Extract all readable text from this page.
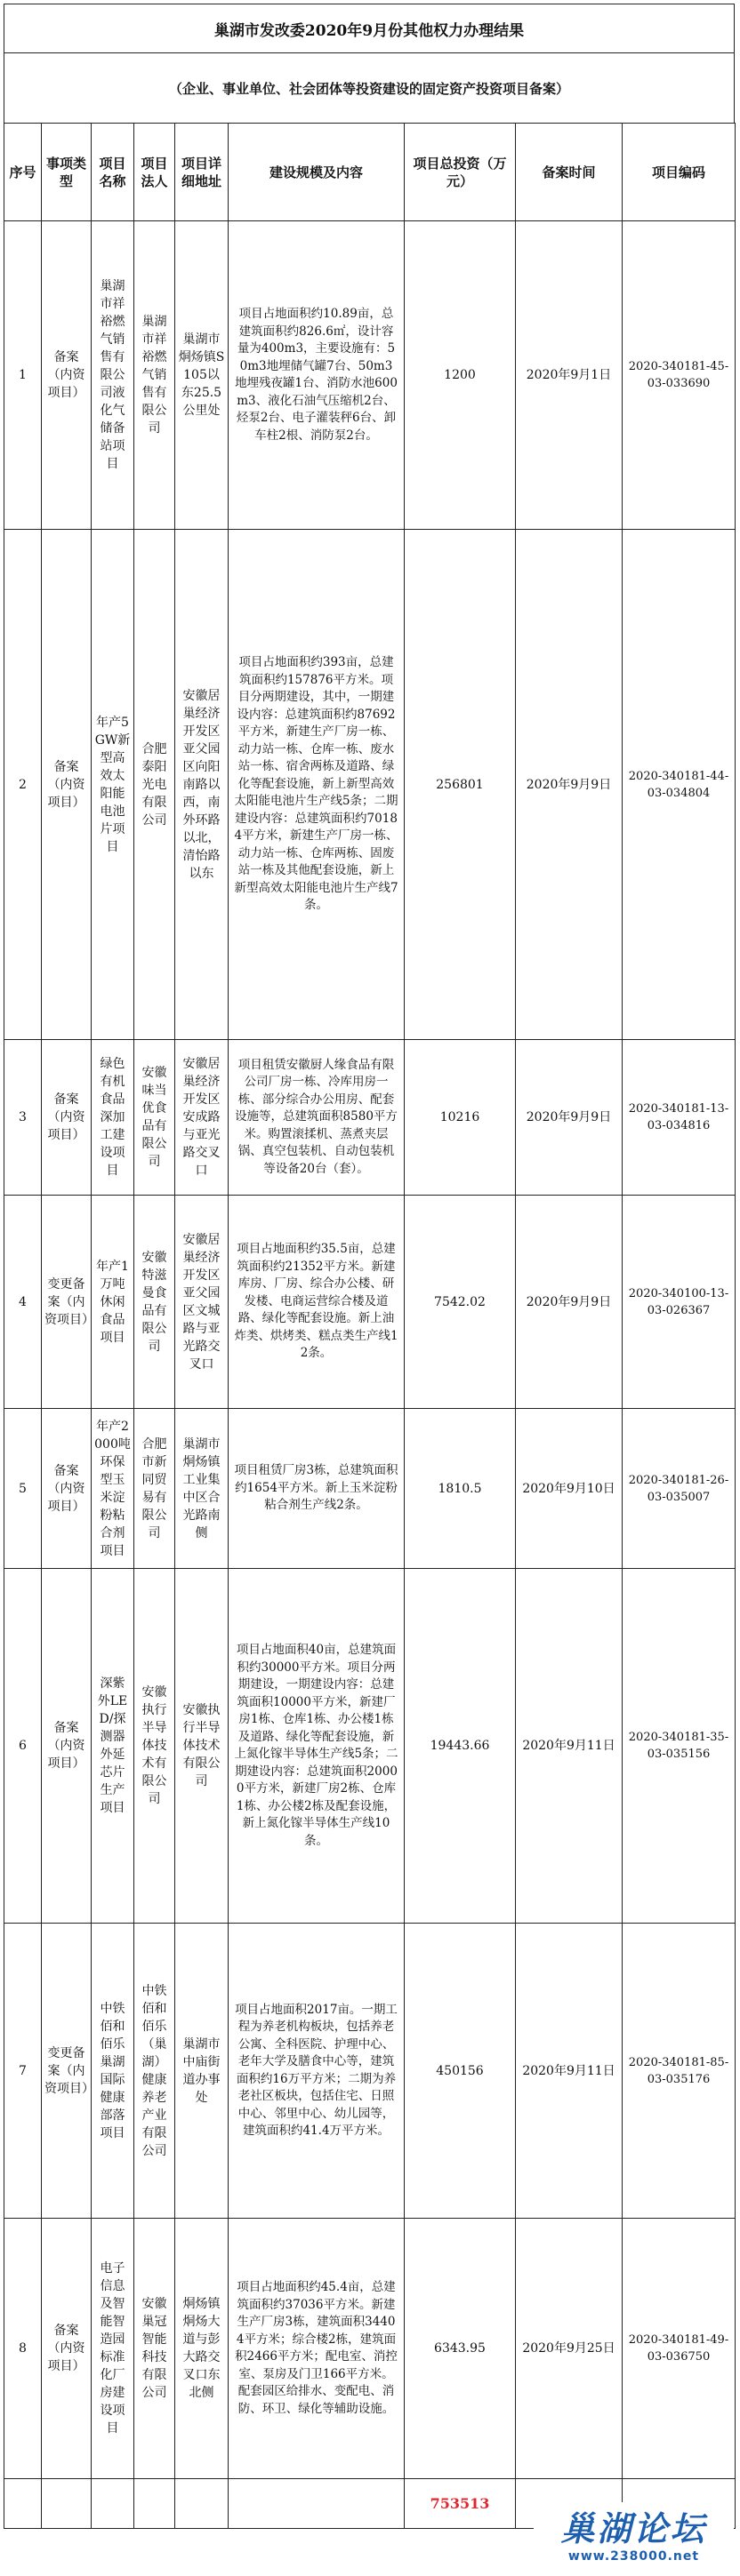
巢湖市发改委2020年9月份其他权力办理结果
（企业、事业单位、社会团体等投资建设的固定资产投资项目备案）
序号	事项类型	项目名称	项目法人	项目详细地址	建设规模及内容	项目总投资（万元）	备案时间	项目编码
1	备案（内资项目）	巢湖市祥裕燃气销售有限公司液化气储备站项目	巢湖市祥裕燃气销售有限公司	巢湖市烔炀镇S105以东25.5公里处	项目占地面积约10.89亩，总建筑面积约826.6㎡，设计容量为400m3，主要设施有：50m3地埋储气罐7台、50m3地埋残夜罐1台、消防水池600m3、液化石油气压缩机2台、烃泵2台、电子灌装秤6台、卸车柱2根、消防泵2台。	1200	2020年9月1日	2020-340181-45-03-033690
2	备案（内资项目）	年产5GW新型高效太阳能电池片项目	合肥泰阳光电有限公司	安徽居巢经济开发区亚父园区向阳南路以西，南外环路以北，清怡路以东	项目占地面积约393亩，总建筑面积约157876平方米。项目分两期建设，其中，一期建设内容：总建筑面积约87692平方米，新建生产厂房一栋、动力站一栋、仓库一栋、废水站一栋、宿舍两栋及道路、绿化等配套设施，新上新型高效太阳能电池片生产线5条；二期建设内容：总建筑面积约70184平方米，新建生产厂房一栋、动力站一栋、仓库两栋、固废站一栋及其他配套设施，新上新型高效太阳能电池片生产线7条。	256801	2020年9月9日	2020-340181-44-03-034804
3	备案（内资项目）	绿色有机食品深加工建设项目	安徽味当优食品有限公司	安徽居巢经济开发区安成路与亚光路交叉口	项目租赁安徽厨人缘食品有限公司厂房一栋、冷库用房一栋、部分综合办公用房、配套设施等，总建筑面积8580平方米。购置滚揉机、蒸煮夹层锅、真空包装机、自动包装机等设备20台（套）。	10216	2020年9月9日	2020-340181-13-03-034816
4	变更备案（内资项目）	年产1万吨休闲食品项目	安徽特滋曼食品有限公司	安徽居巢经济开发区亚父园区文城路与亚光路交叉口	项目占地面积约35.5亩，总建筑面积约21352平方米。新建库房、厂房、综合办公楼、研发楼、电商运营综合楼及道路、绿化等配套设施。新上油炸类、烘烤类、糕点类生产线12条。	7542.02	2020年9月9日	2020-340100-13-03-026367
5	备案（内资项目）	年产2000吨环保型玉米淀粉粘合剂项目	合肥市新同贸易有限公司	巢湖市烔炀镇工业集中区合光路南侧	项目租赁厂房3栋，总建筑面积约1654平方米。新上玉米淀粉粘合剂生产线2条。	1810.5	2020年9月10日	2020-340181-26-03-035007
6	备案（内资项目）	深紫外LED/探测器外延芯片生产项目	安徽执行半导体技术有限公司	安徽执行半导体技术有限公司	项目占地面积40亩，总建筑面积约30000平方米。项目分两期建设，一期建设内容：总建筑面积10000平方米，新建厂房1栋、仓库1栋、办公楼1栋及道路、绿化等配套设施，新上氮化镓半导体生产线5条；二期建设内容：总建筑面积20000平方米，新建厂房2栋、仓库1栋、办公楼2栋及配套设施，新上氮化镓半导体生产线10条。	19443.66	2020年9月11日	2020-340181-35-03-035156
7	变更备案（内资项目）	中铁佰和佰乐巢湖国际健康部落项目	中铁佰和佰乐（巢湖）健康养老产业有限公司	巢湖市中庙街道办事处	项目占地面积2017亩。一期工程为养老机构板块，包括养老公寓、全科医院、护理中心、老年大学及膳食中心等，建筑面积约16万平方米；二期为养老社区板块，包括住宅、日照中心、邻里中心、幼儿园等，建筑面积约41.4万平方米。	450156	2020年9月11日	2020-340181-85-03-035176
8	备案（内资项目）	电子信息及智能智造园标准化厂房建设项目	安徽巢冠智能科技有限公司	烔炀镇烔炀大道与彭大路交叉口东北侧	项目占地面积约45.4亩，总建筑面积约37036平方米。新建生产厂房3栋，建筑面积34404平方米；综合楼2栋，建筑面积2466平方米；配电室、消控室、泵房及门卫166平方米。配套园区给排水、变配电、消防、环卫、绿化等辅助设施。	6343.95	2020年9月25日	2020-340181-49-03-036750
						753513		
巢湖论坛
www.238000.net
